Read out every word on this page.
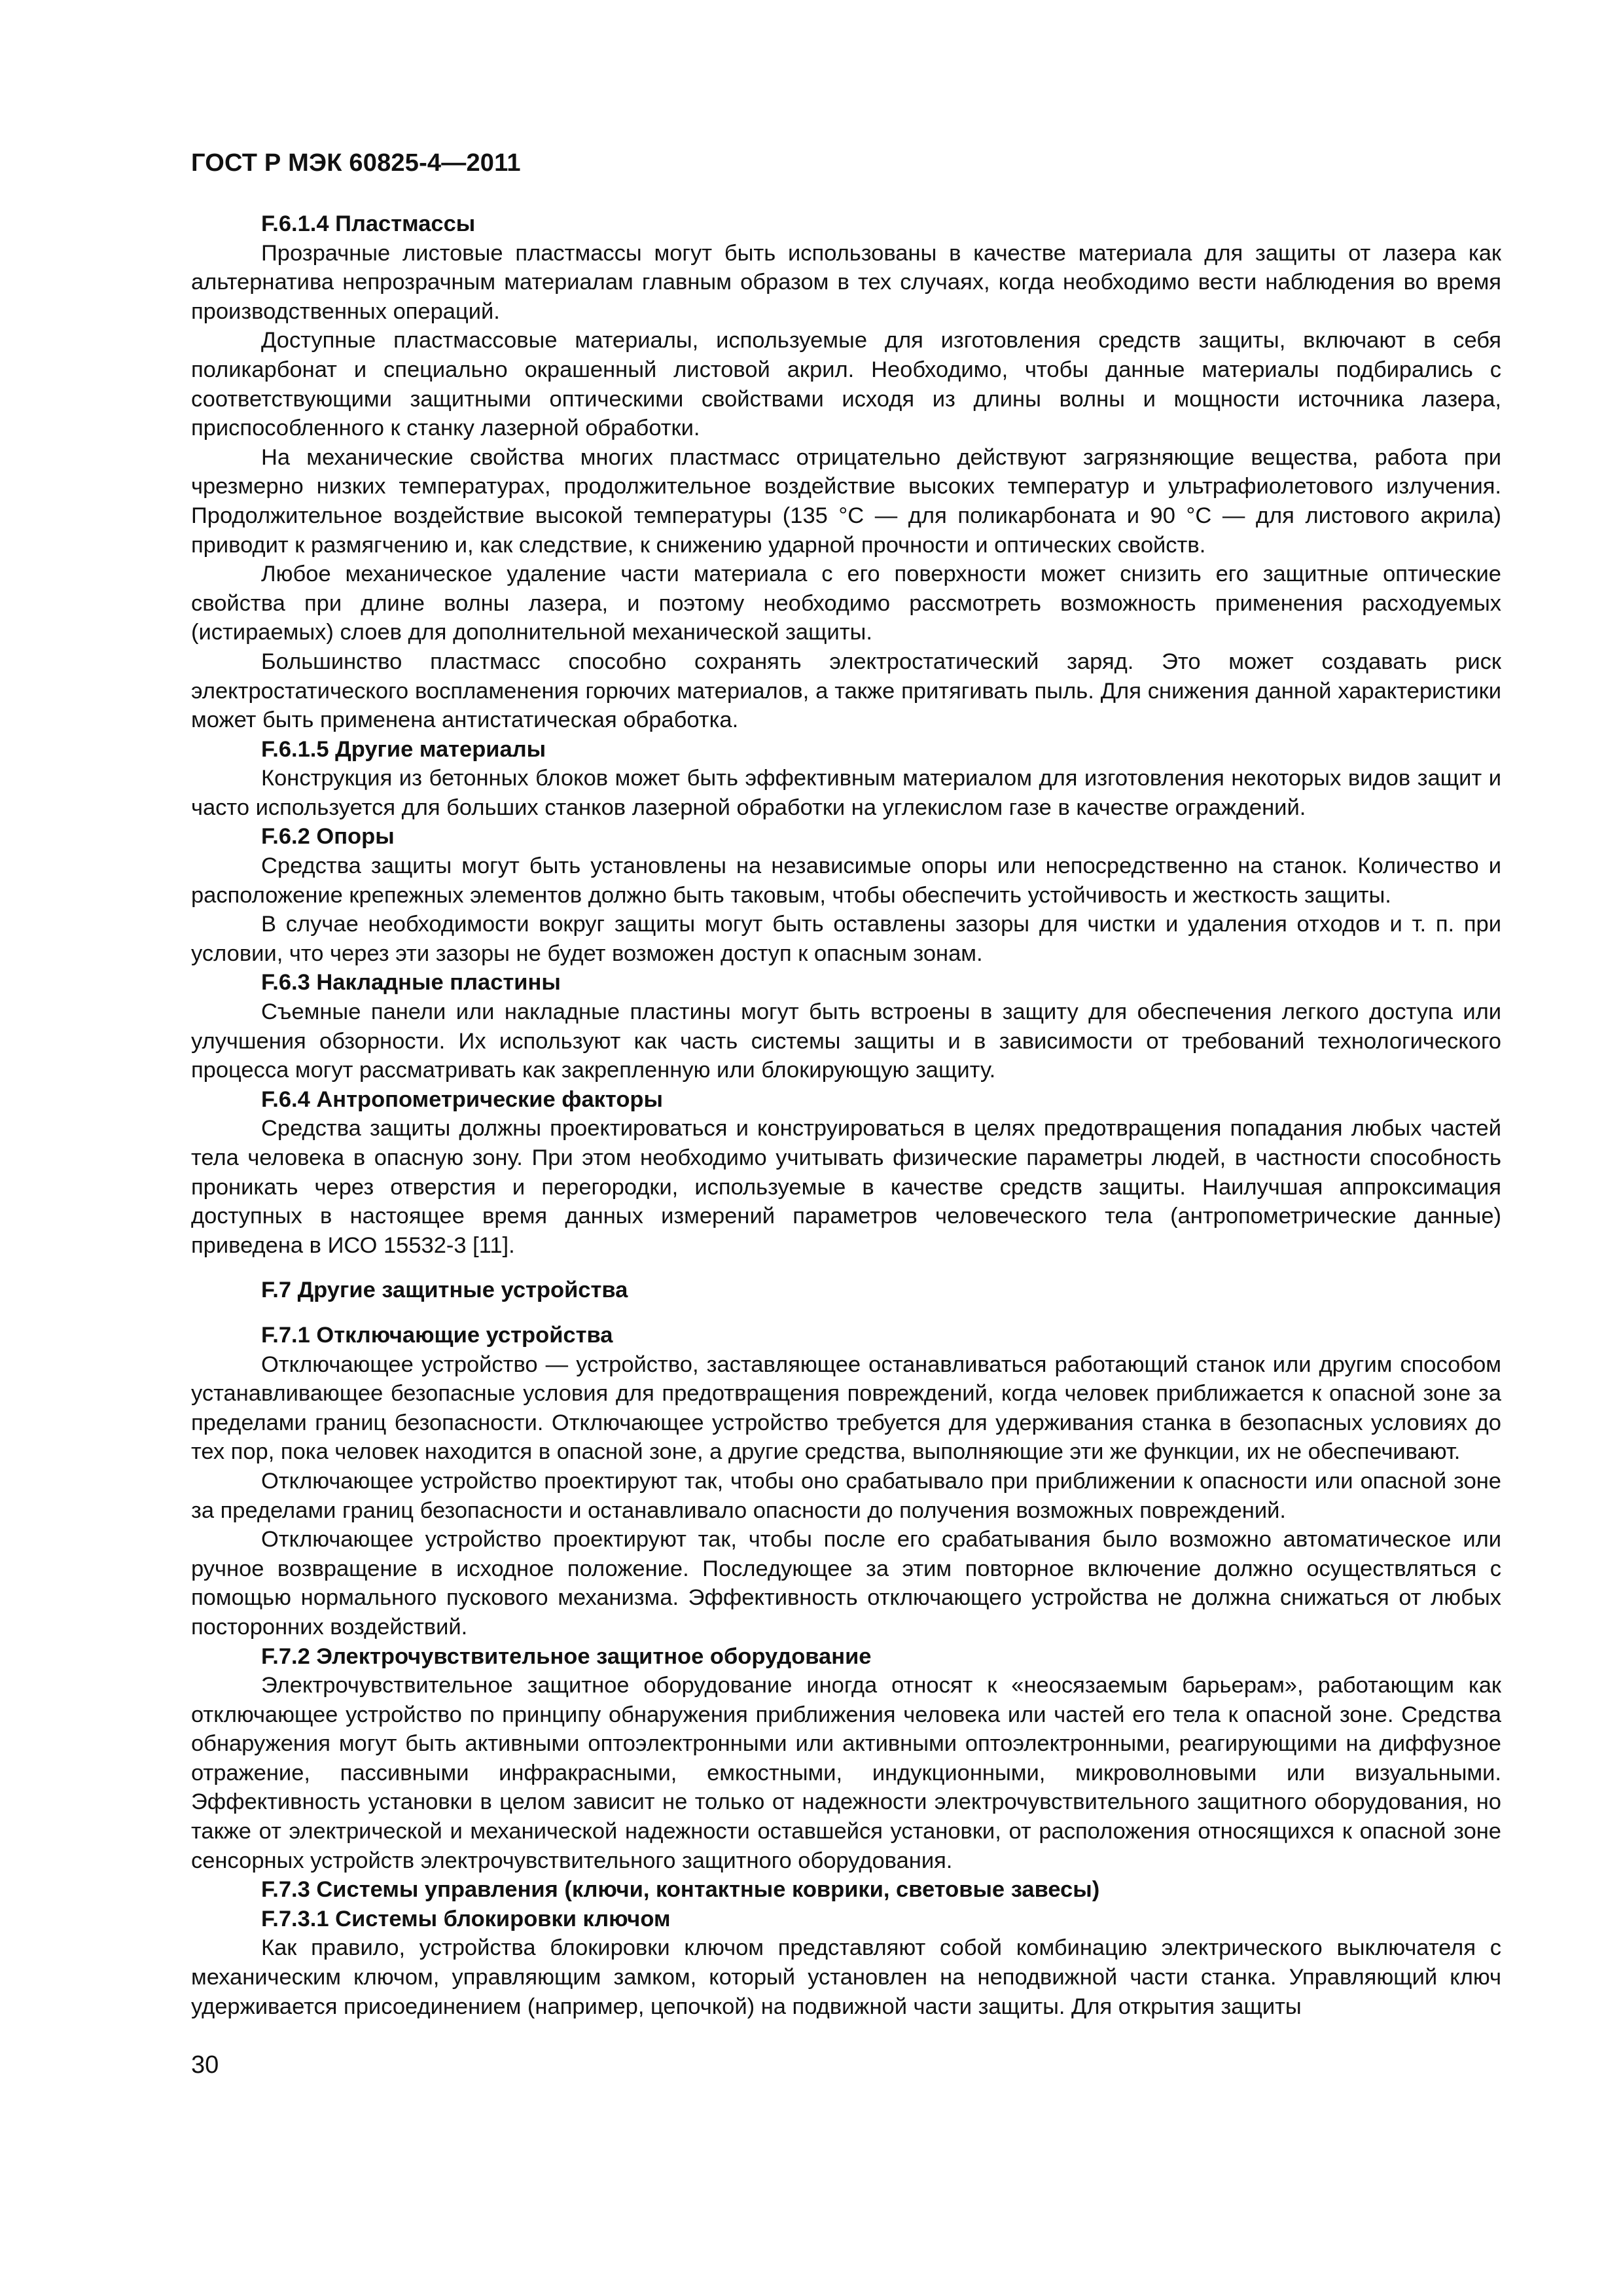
ГОСТ Р МЭК 60825-4—2011
F.6.1.4 Пластмассы

Прозрачные листовые пластмассы могут быть использованы в качестве материала для защиты от лазера как альтернатива непрозрачным материалам главным образом в тех случаях, когда необходимо вести наблюдения во время производственных операций.

Доступные пластмассовые материалы, используемые для изготовления средств защиты, включают в себя поликарбонат и специально окрашенный листовой акрил. Необходимо, чтобы данные материалы подбирались с соответствующими защитными оптическими свойствами исходя из длины волны и мощности источника лазера, приспособленного к станку лазерной обработки.

На механические свойства многих пластмасс отрицательно действуют загрязняющие вещества, работа при чрезмерно низких температурах, продолжительное воздействие высоких температур и ультрафиолетового излучения. Продолжительное воздействие высокой температуры (135 °C — для поликарбоната и 90 °C — для листового акрила) приводит к размягчению и, как следствие, к снижению ударной прочности и оптических свойств.

Любое механическое удаление части материала с его поверхности может снизить его защитные оптические свойства при длине волны лазера, и поэтому необходимо рассмотреть возможность применения расходуемых (истираемых) слоев для дополнительной механической защиты.

Большинство пластмасс способно сохранять электростатический заряд. Это может создавать риск электростатического воспламенения горючих материалов, а также притягивать пыль. Для снижения данной характеристики может быть применена антистатическая обработка.

F.6.1.5 Другие материалы

Конструкция из бетонных блоков может быть эффективным материалом для изготовления некоторых видов защит и часто используется для больших станков лазерной обработки на углекислом газе в качестве ограждений.

F.6.2 Опоры

Средства защиты могут быть установлены на независимые опоры или непосредственно на станок. Количество и расположение крепежных элементов должно быть таковым, чтобы обеспечить устойчивость и жесткость защиты.

В случае необходимости вокруг защиты могут быть оставлены зазоры для чистки и удаления отходов и т. п. при условии, что через эти зазоры не будет возможен доступ к опасным зонам.

F.6.3 Накладные пластины

Съемные панели или накладные пластины могут быть встроены в защиту для обеспечения легкого доступа или улучшения обзорности. Их используют как часть системы защиты и в зависимости от требований технологического процесса могут рассматривать как закрепленную или блокирующую защиту.

F.6.4 Антропометрические факторы

Средства защиты должны проектироваться и конструироваться в целях предотвращения попадания любых частей тела человека в опасную зону. При этом необходимо учитывать физические параметры людей, в частности способность проникать через отверстия и перегородки, используемые в качестве средств защиты. Наилучшая аппроксимация доступных в настоящее время данных измерений параметров человеческого тела (антропометрические данные) приведена в ИСО 15532-3 [11].

F.7 Другие защитные устройства
F.7.1 Отключающие устройства

Отключающее устройство — устройство, заставляющее останавливаться работающий станок или другим способом устанавливающее безопасные условия для предотвращения повреждений, когда человек приближается к опасной зоне за пределами границ безопасности. Отключающее устройство требуется для удерживания станка в безопасных условиях до тех пор, пока человек находится в опасной зоне, а другие средства, выполняющие эти же функции, их не обеспечивают.

Отключающее устройство проектируют так, чтобы оно срабатывало при приближении к опасности или опасной зоне за пределами границ безопасности и останавливало опасности до получения возможных повреждений.

Отключающее устройство проектируют так, чтобы после его срабатывания было возможно автоматическое или ручное возвращение в исходное положение. Последующее за этим повторное включение должно осуществляться с помощью нормального пускового механизма. Эффективность отключающего устройства не должна снижаться от любых посторонних воздействий.

F.7.2 Электрочувствительное защитное оборудование

Электрочувствительное защитное оборудование иногда относят к «неосязаемым барьерам», работающим как отключающее устройство по принципу обнаружения приближения человека или частей его тела к опасной зоне. Средства обнаружения могут быть активными оптоэлектронными или активными оптоэлектронными, реагирующими на диффузное отражение, пассивными инфракрасными, емкостными, индукционными, микроволновыми или визуальными. Эффективность установки в целом зависит не только от надежности электрочувствительного защитного оборудования, но также от электрической и механической надежности оставшейся установки, от расположения относящихся к опасной зоне сенсорных устройств электрочувствительного защитного оборудования.

F.7.3 Системы управления (ключи, контактные коврики, световые завесы)
F.7.3.1 Системы блокировки ключом

Как правило, устройства блокировки ключом представляют собой комбинацию электрического выключателя с механическим ключом, управляющим замком, который установлен на неподвижной части станка. Управляющий ключ удерживается присоединением (например, цепочкой) на подвижной части защиты. Для открытия защиты

30
